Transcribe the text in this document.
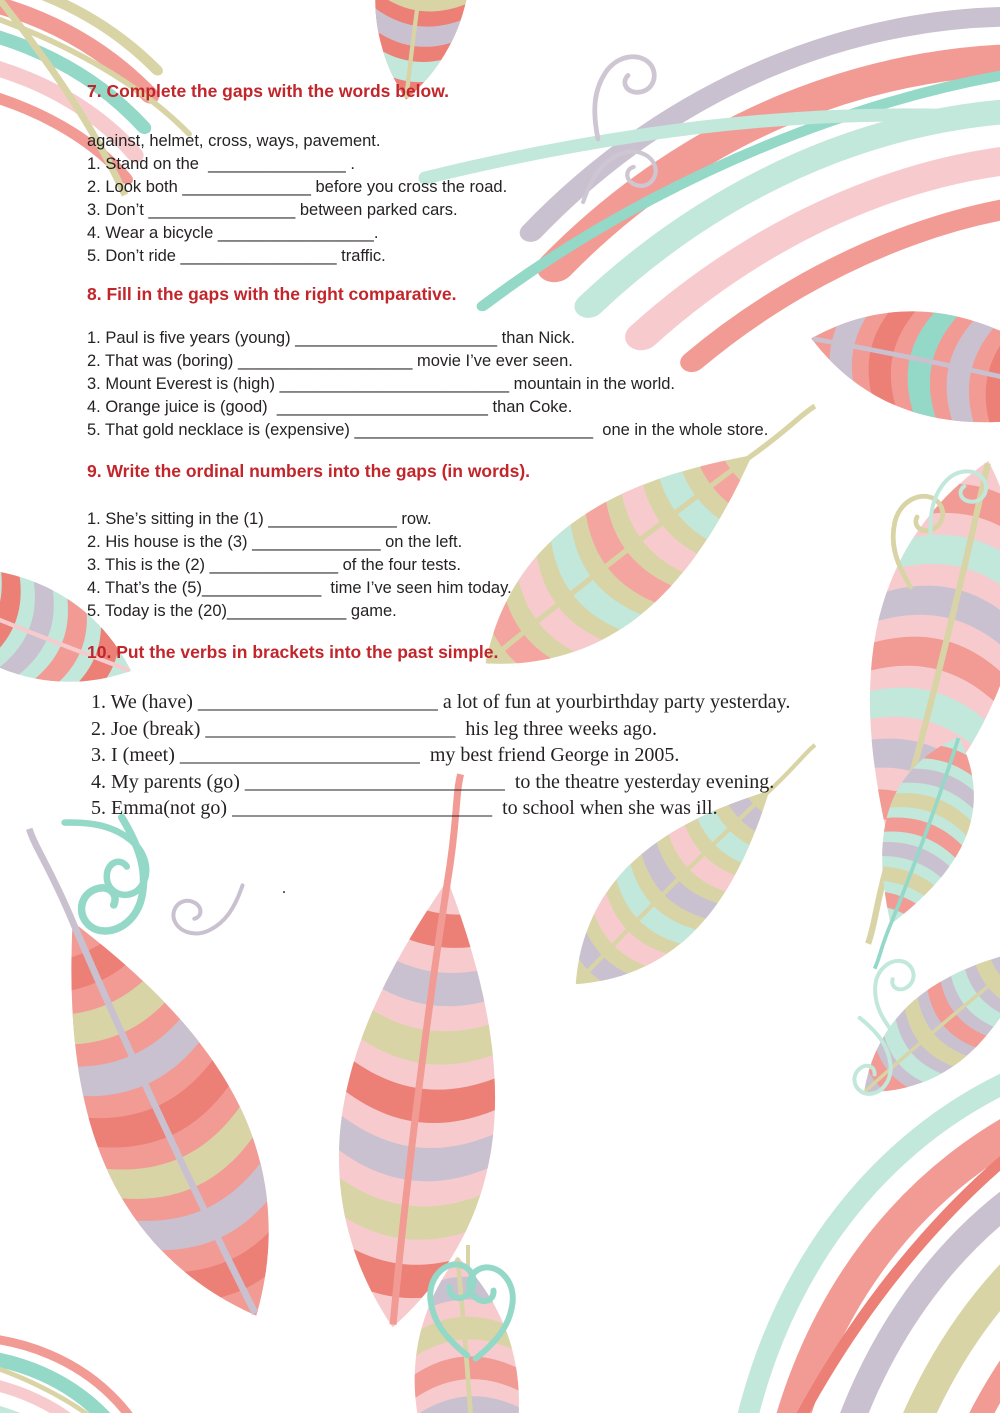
7. Complete the gaps with the words below.
against, helmet, cross, ways, pavement.
1. Stand on the  _______________ .
2. Look both ______________ before you cross the road.
3. Don’t ________________ between parked cars.
4. Wear a bicycle _________________.
5. Don’t ride _________________ traffic.
8. Fill in the gaps with the right comparative.
1. Paul is five years (young) ______________________ than Nick.
2. That was (boring) ___________________ movie I’ve ever seen.
3. Mount Everest is (high) _________________________ mountain in the world.
4. Orange juice is (good)  _______________________ than Coke.
5. That gold necklace is (expensive) __________________________  one in the whole store.
9. Write the ordinal numbers into the gaps (in words).
1. She’s sitting in the (1) ______________ row.
2. His house is the (3) ______________ on the left.
3. This is the (2) ______________ of the four tests.
4. That’s the (5)_____________  time I’ve seen him today.
5. Today is the (20)_____________ game.
10. Put the verbs in brackets into the past simple.
1. We (have) ________________________ a lot of fun at yourbirthday party yesterday.
2. Joe (break) _________________________  his leg three weeks ago.
3. I (meet) ________________________  my best friend George in 2005.
4. My parents (go) __________________________  to the theatre yesterday evening.
5. Emma(not go) __________________________  to school when she was ill.
.
